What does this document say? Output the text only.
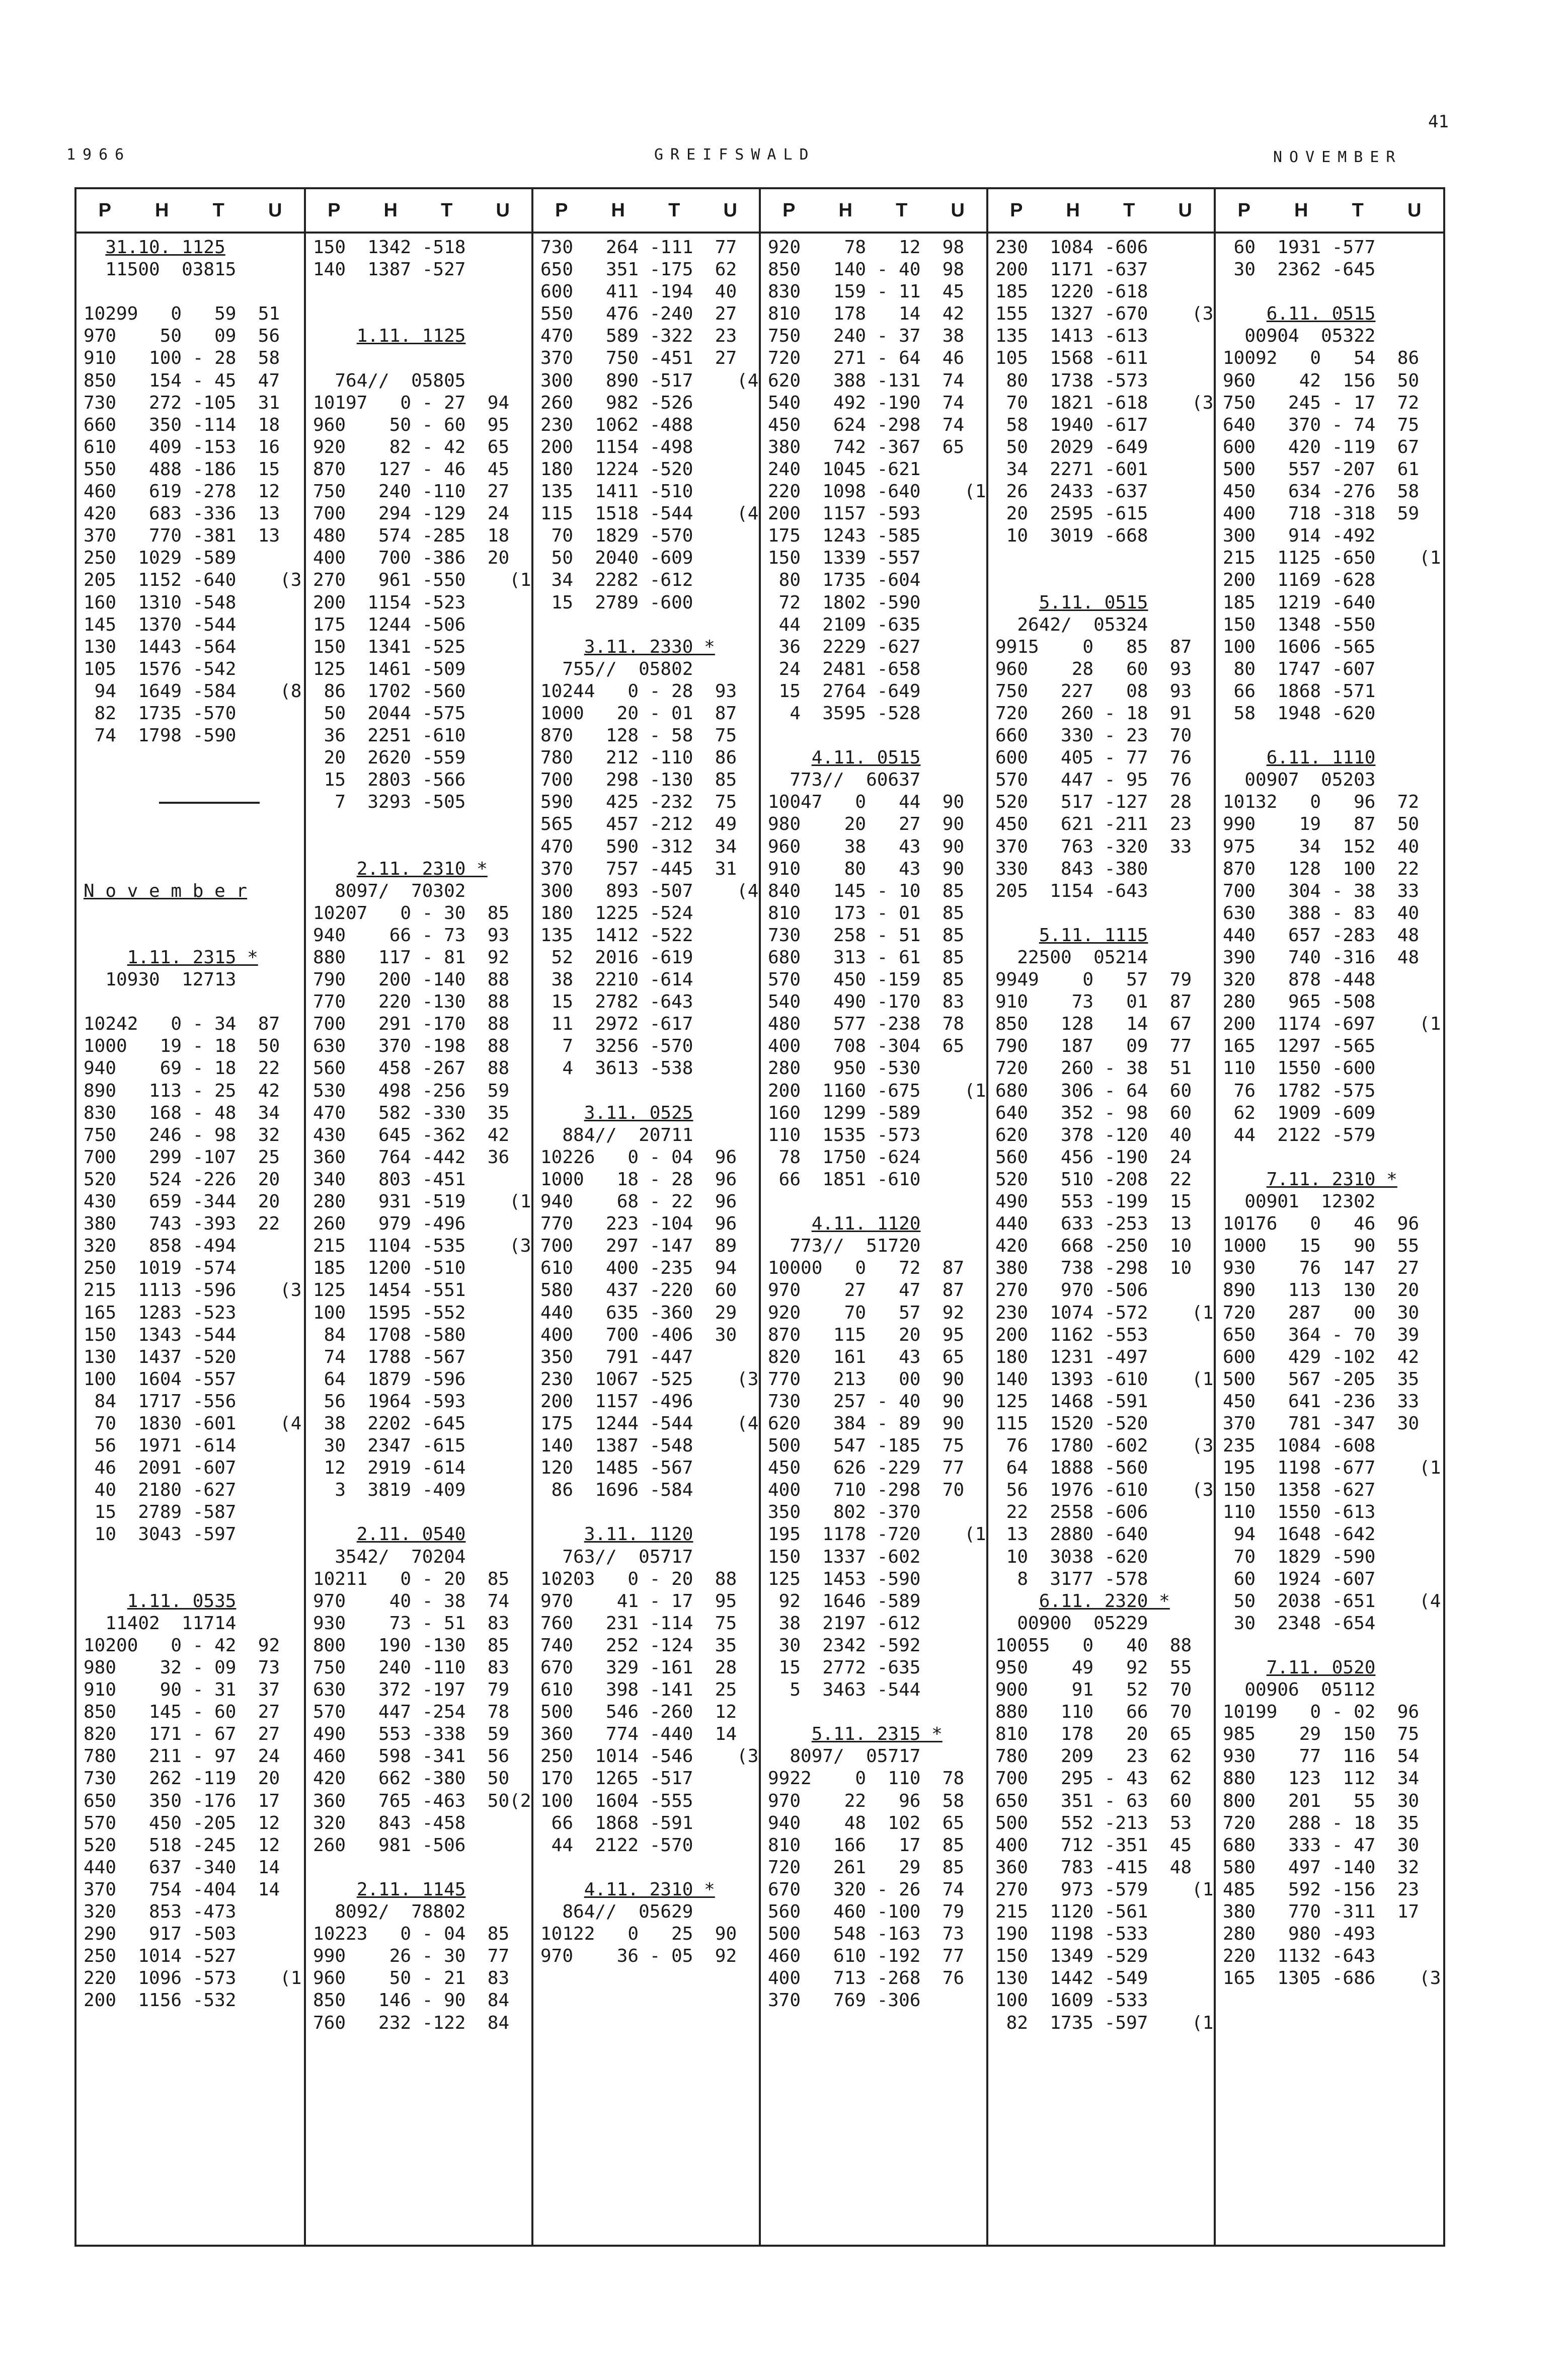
1966	GREIFSWALD	NOVEMBER
41
P H T U
31.10. 1125
11500  03815
10299   0   59  51
970    50   09  56
910   100 - 28  58
850   154 - 45  47
730   272 -105  31
660   350 -114  18
610   409 -153  16
550   488 -186  15
460   619 -278  12
420   683 -336  13
370   770 -381  13
250  1029 -589
205  1152 -640    (3
160  1310 -548
145  1370 -544
130  1443 -564
105  1576 -542
94  1649 -584    (8
82  1735 -570
74  1798 -590
N o v e m b e r
1.11. 2315 *
10930  12713
10242   0 - 34  87
1000   19 - 18  50
940    69 - 18  22
890   113 - 25  42
830   168 - 48  34
750   246 - 98  32
700   299 -107  25
520   524 -226  20
430   659 -344  20
380   743 -393  22
320   858 -494
250  1019 -574
215  1113 -596    (3
165  1283 -523
150  1343 -544
130  1437 -520
100  1604 -557
84  1717 -556
70  1830 -601    (4
56  1971 -614
46  2091 -607
40  2180 -627
15  2789 -587
10  3043 -597
1.11. 0535
11402  11714
10200   0 - 42  92
980    32 - 09  73
910    90 - 31  37
850   145 - 60  27
820   171 - 67  27
780   211 - 97  24
730   262 -119  20
650   350 -176  17
570   450 -205  12
520   518 -245  12
440   637 -340  14
370   754 -404  14
320   853 -473
290   917 -503
250  1014 -527
220  1096 -573    (1
200  1156 -532
P H T U
150  1342 -518
140  1387 -527
1.11. 1125
764//  05805
10197   0 - 27  94
960    50 - 60  95
920    82 - 42  65
870   127 - 46  45
750   240 -110  27
700   294 -129  24
480   574 -285  18
400   700 -386  20
270   961 -550    (1
200  1154 -523
175  1244 -506
150  1341 -525
125  1461 -509
86  1702 -560
50  2044 -575
36  2251 -610
20  2620 -559
15  2803 -566
7  3293 -505
2.11. 2310 *
8097/  70302
10207   0 - 30  85
940    66 - 73  93
880   117 - 81  92
790   200 -140  88
770   220 -130  88
700   291 -170  88
630   370 -198  88
560   458 -267  88
530   498 -256  59
470   582 -330  35
430   645 -362  42
360   764 -442  36
340   803 -451
280   931 -519    (1
260   979 -496
215  1104 -535    (3
185  1200 -510
125  1454 -551
100  1595 -552
84  1708 -580
74  1788 -567
64  1879 -596
56  1964 -593
38  2202 -645
30  2347 -615
12  2919 -614
3  3819 -409
2.11. 0540
3542/  70204
10211   0 - 20  85
970    40 - 38  74
930    73 - 51  83
800   190 -130  85
750   240 -110  83
630   372 -197  79
570   447 -254  78
490   553 -338  59
460   598 -341  56
420   662 -380  50
360   765 -463  50(2
320   843 -458
260   981 -506
2.11. 1145
8092/  78802
10223   0 - 04  85
990    26 - 30  77
960    50 - 21  83
850   146 - 90  84
760   232 -122  84
P H T U
730   264 -111  77
650   351 -175  62
600   411 -194  40
550   476 -240  27
470   589 -322  23
370   750 -451  27
300   890 -517    (4
260   982 -526
230  1062 -488
200  1154 -498
180  1224 -520
135  1411 -510
115  1518 -544    (4
70  1829 -570
50  2040 -609
34  2282 -612
15  2789 -600
3.11. 2330 *
755//  05802
10244   0 - 28  93
1000   20 - 01  87
870   128 - 58  75
780   212 -110  86
700   298 -130  85
590   425 -232  75
565   457 -212  49
470   590 -312  34
370   757 -445  31
300   893 -507    (4
180  1225 -524
135  1412 -522
52  2016 -619
38  2210 -614
15  2782 -643
11  2972 -617
7  3256 -570
4  3613 -538
3.11. 0525
884//  20711
10226   0 - 04  96
1000   18 - 28  96
940    68 - 22  96
770   223 -104  96
700   297 -147  89
610   400 -235  94
580   437 -220  60
440   635 -360  29
400   700 -406  30
350   791 -447
230  1067 -525    (3
200  1157 -496
175  1244 -544    (4
140  1387 -548
120  1485 -567
86  1696 -584
3.11. 1120
763//  05717
10203   0 - 20  88
970    41 - 17  95
760   231 -114  75
740   252 -124  35
670   329 -161  28
610   398 -141  25
500   546 -260  12
360   774 -440  14
250  1014 -546    (3
170  1265 -517
100  1604 -555
66  1868 -591
44  2122 -570
4.11. 2310 *
864//  05629
10122   0   25  90
970    36 - 05  92
P H T U
920    78   12  98
850   140 - 40  98
830   159 - 11  45
810   178   14  42
750   240 - 37  38
720   271 - 64  46
620   388 -131  74
540   492 -190  74
450   624 -298  74
380   742 -367  65
240  1045 -621
220  1098 -640    (1
200  1157 -593
175  1243 -585
150  1339 -557
80  1735 -604
72  1802 -590
44  2109 -635
36  2229 -627
24  2481 -658
15  2764 -649
4  3595 -528
4.11. 0515
773//  60637
10047   0   44  90
980    20   27  90
960    38   43  90
910    80   43  90
840   145 - 10  85
810   173 - 01  85
730   258 - 51  85
680   313 - 61  85
570   450 -159  85
540   490 -170  83
480   577 -238  78
400   708 -304  65
280   950 -530
200  1160 -675    (1
160  1299 -589
110  1535 -573
78  1750 -624
66  1851 -610
4.11. 1120
773//  51720
10000   0   72  87
970    27   47  87
920    70   57  92
870   115   20  95
820   161   43  65
770   213   00  90
730   257 - 40  90
620   384 - 89  90
500   547 -185  75
450   626 -229  77
400   710 -298  70
350   802 -370
195  1178 -720    (1
150  1337 -602
125  1453 -590
92  1646 -589
38  2197 -612
30  2342 -592
15  2772 -635
5  3463 -544
5.11. 2315 *
8097/  05717
9922    0  110  78
970    22   96  58
940    48  102  65
810   166   17  85
720   261   29  85
670   320 - 26  74
560   460 -100  79
500   548 -163  73
460   610 -192  77
400   713 -268  76
370   769 -306
P H T U
230  1084 -606
200  1171 -637
185  1220 -618
155  1327 -670    (3
135  1413 -613
105  1568 -611
80  1738 -573
70  1821 -618    (3
58  1940 -617
50  2029 -649
34  2271 -601
26  2433 -637
20  2595 -615
10  3019 -668
5.11. 0515
2642/  05324
9915    0   85  87
960    28   60  93
750   227   08  93
720   260 - 18  91
660   330 - 23  70
600   405 - 77  76
570   447 - 95  76
520   517 -127  28
450   621 -211  23
370   763 -320  33
330   843 -380
205  1154 -643
5.11. 1115
22500  05214
9949    0   57  79
910    73   01  87
850   128   14  67
790   187   09  77
720   260 - 38  51
680   306 - 64  60
640   352 - 98  60
620   378 -120  40
560   456 -190  24
520   510 -208  22
490   553 -199  15
440   633 -253  13
420   668 -250  10
380   738 -298  10
270   970 -506
230  1074 -572    (1
200  1162 -553
180  1231 -497
140  1393 -610    (1
125  1468 -591
115  1520 -520
76  1780 -602    (3
64  1888 -560
56  1976 -610    (3
22  2558 -606
13  2880 -640
10  3038 -620
8  3177 -578
6.11. 2320 *
00900  05229
10055   0   40  88
950    49   92  55
900    91   52  70
880   110   66  70
810   178   20  65
780   209   23  62
700   295 - 43  62
650   351 - 63  60
500   552 -213  53
400   712 -351  45
360   783 -415  48
270   973 -579    (1
215  1120 -561
190  1198 -533
150  1349 -529
130  1442 -549
100  1609 -533
82  1735 -597    (1
P H T U
60  1931 -577
30  2362 -645
6.11. 0515
00904  05322
10092   0   54  86
960    42  156  50
750   245 - 17  72
640   370 - 74  75
600   420 -119  67
500   557 -207  61
450   634 -276  58
400   718 -318  59
300   914 -492
215  1125 -650    (1
200  1169 -628
185  1219 -640
150  1348 -550
100  1606 -565
80  1747 -607
66  1868 -571
58  1948 -620
6.11. 1110
00907  05203
10132   0   96  72
990    19   87  50
975    34  152  40
870   128  100  22
700   304 - 38  33
630   388 - 83  40
440   657 -283  48
390   740 -316  48
320   878 -448
280   965 -508
200  1174 -697    (1
165  1297 -565
110  1550 -600
76  1782 -575
62  1909 -609
44  2122 -579
7.11. 2310 *
00901  12302
10176   0   46  96
1000   15   90  55
930    76  147  27
890   113  130  20
720   287   00  30
650   364 - 70  39
600   429 -102  42
500   567 -205  35
450   641 -236  33
370   781 -347  30
235  1084 -608
195  1198 -677    (1
150  1358 -627
110  1550 -613
94  1648 -642
70  1829 -590
60  1924 -607
50  2038 -651    (4
30  2348 -654
7.11. 0520
00906  05112
10199   0 - 02  96
985    29  150  75
930    77  116  54
880   123  112  34
800   201   55  30
720   288 - 18  35
680   333 - 47  30
580   497 -140  32
485   592 -156  23
380   770 -311  17
280   980 -493
220  1132 -643
165  1305 -686    (3
